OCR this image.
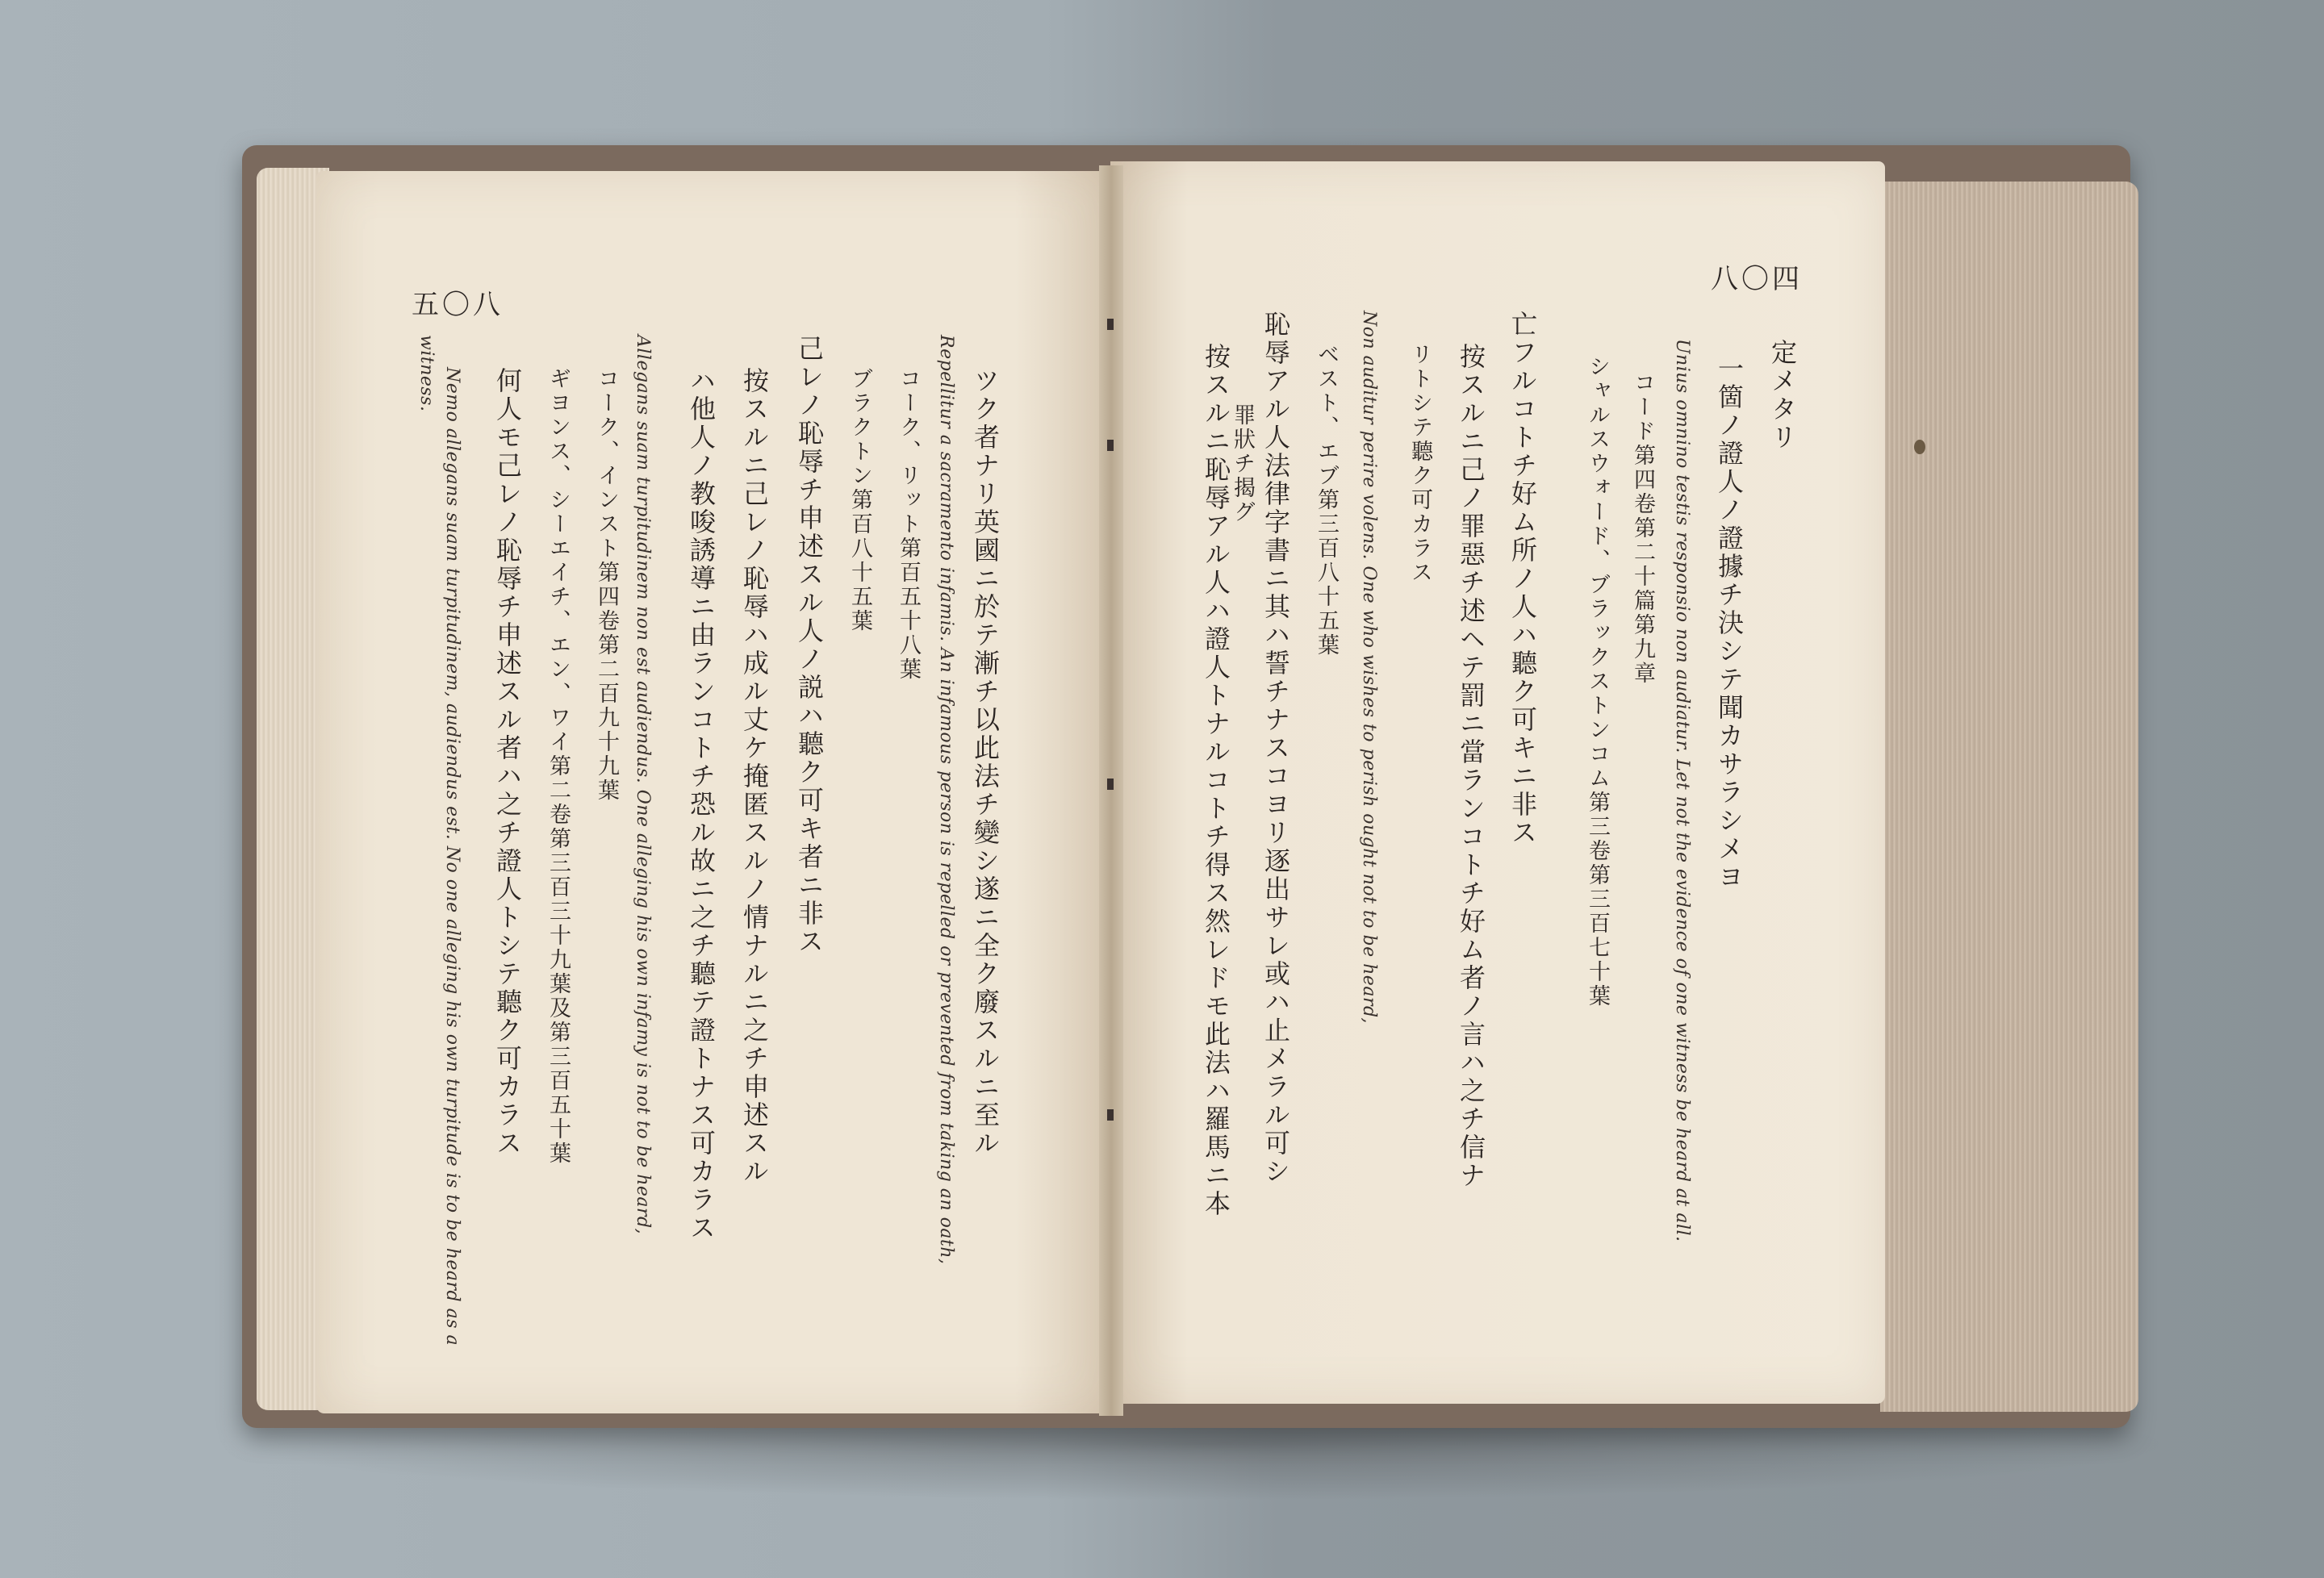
五〇八
ツク者ナリ英國ニ於テ漸チ以此法チ變シ遂ニ全ク廢スルニ至ル
Repellitur a sacramento infamis. An infamous person is repelled or prevented from taking an oath,
コーク、リット第百五十八葉
ブラクトン第百八十五葉
己レノ恥辱チ申述スル人ノ説ハ聽ク可キ者ニ非ス
按スルニ己レノ恥辱ハ成ル丈ケ掩匿スルノ情ナルニ之チ申述スル
ハ他人ノ教唆誘導ニ由ランコトチ恐ル故ニ之チ聽テ證トナス可カラス
Allegans suam turpitudinem non est audiendus. One alleging his own infamy is not to be heard,
コーク、インスト第四卷第二百九十九葉
ギヨンス、シーエイチ、エン、ワイ第二卷第三百三十九葉及第三百五十葉
何人モ己レノ恥辱チ申述スル者ハ之チ證人トシテ聽ク可カラス
Nemo allegans suam turpitudinem, audiendus est. No one alleging his own turpitude is to be heard as a
witness.
八〇四
定メタリ
一箇ノ證人ノ證據チ決シテ聞カサラシメヨ
Unius omnino testis responsio non audiatur. Let not the evidence of one witness be heard at all.
コード第四卷第二十篇第九章
シャルスウォード、ブラックストンコム第三卷第三百七十葉
亡フルコトチ好ム所ノ人ハ聽ク可キニ非ス
按スルニ己ノ罪惡チ述ヘテ罰ニ當ランコトチ好ム者ノ言ハ之チ信ナ
リトシテ聽ク可カラス
Non auditur perire volens. One who wishes to perish ought not to be heard,
ベスト、エブ第三百八十五葉
恥辱アル人法律字書ニ其ハ誓チナスコヨリ逐出サレ或ハ止メラル可シ
罪狀チ揭グ
按スルニ恥辱アル人ハ證人トナルコトチ得ス然レドモ此法ハ羅馬ニ本
